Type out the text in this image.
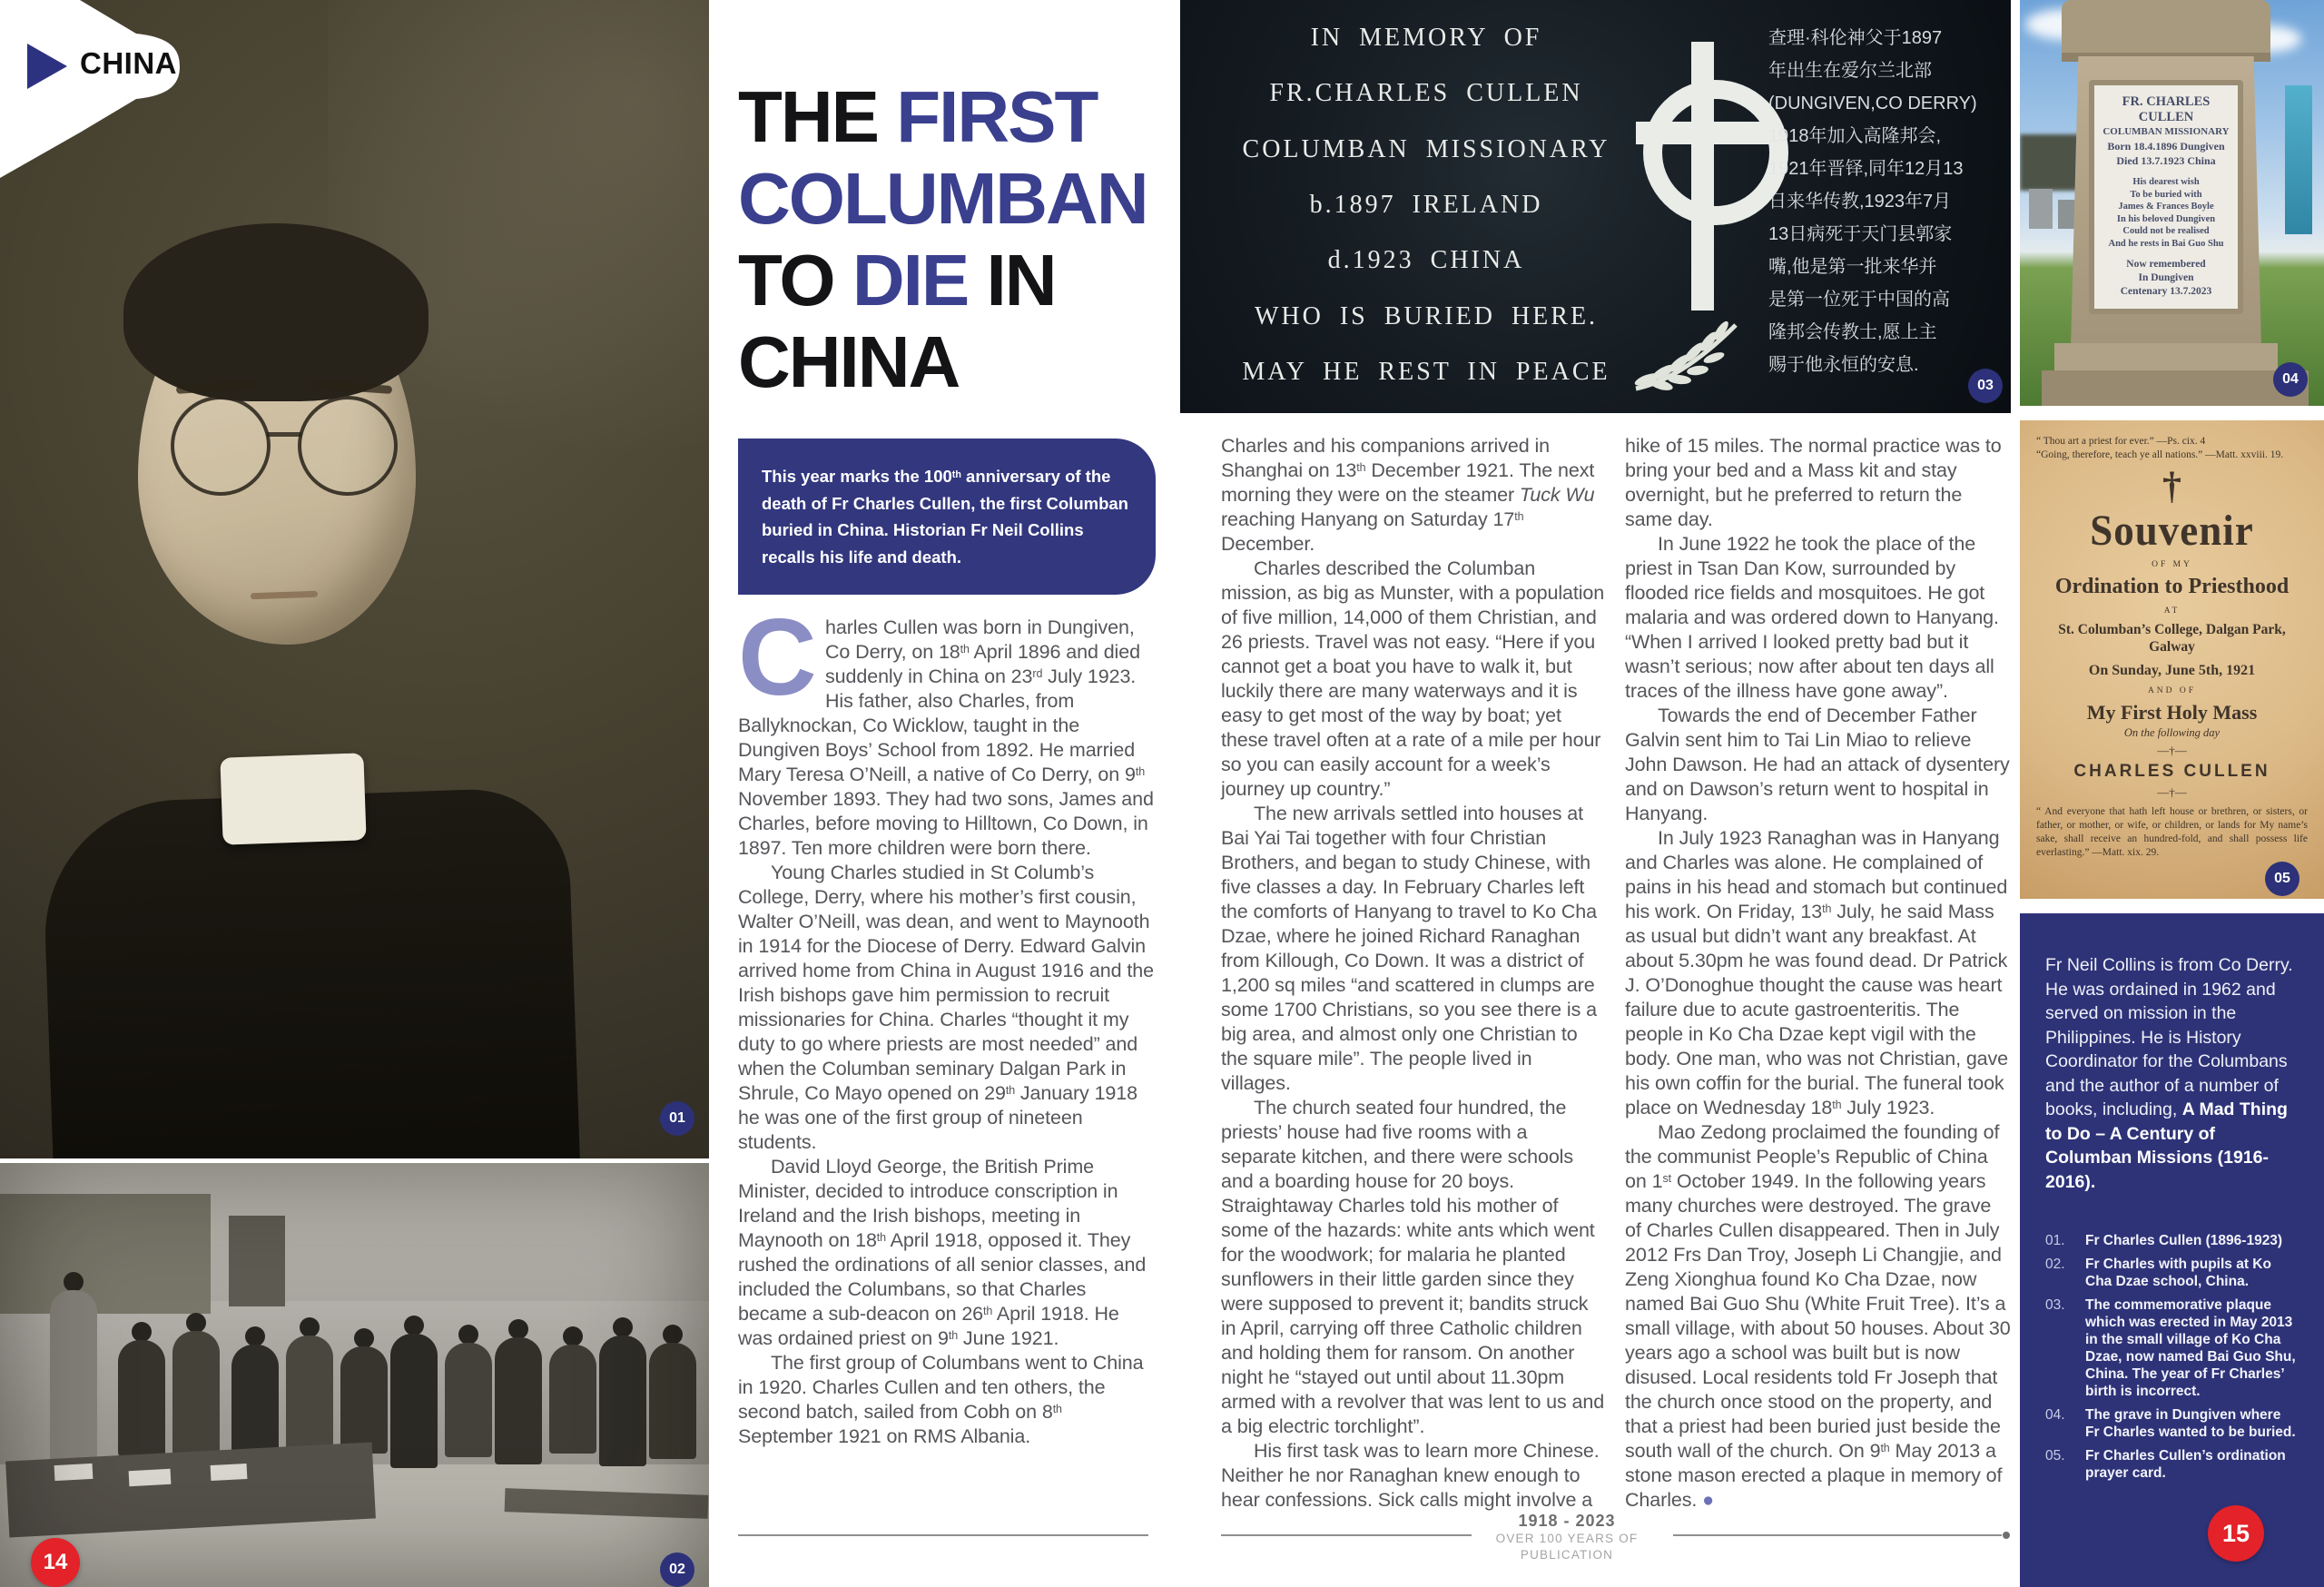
01
02
CHINA
THE FIRST
COLUMBAN
TO DIE IN
CHINA
This year marks the 100th anniversary of the death of Fr Charles Cullen, the first Columban buried in China. Historian Fr Neil Collins recalls his life and death.

Charles Cullen was born in Dungiven, Co Derry, on 18th April 1896 and died suddenly in China on 23rd July 1923. His father, also Charles, from Ballyknockan, Co Wicklow, taught in the Dungiven Boys’ School from 1892. He married Mary Teresa O’Neill, a native of Co Derry, on 9th November 1893. They had two sons, James and Charles, before moving to Hilltown, Co Down, in 1897. Ten more children were born there.

Young Charles studied in St Columb’s College, Derry, where his mother’s first cousin, Walter O’Neill, was dean, and went to Maynooth in 1914 for the Diocese of Derry. Edward Galvin arrived home from China in August 1916 and the Irish bishops gave him permission to recruit missionaries for China. Charles “thought it my duty to go where priests are most needed” and when the Columban seminary Dalgan Park in Shrule, Co Mayo opened on 29th January 1918 he was one of the first group of nineteen students.

David Lloyd George, the British Prime Minister, decided to introduce conscription in Ireland and the Irish bishops, meeting in Maynooth on 18th April 1918, opposed it. They rushed the ordinations of all senior classes, and included the Columbans, so that Charles became a sub-deacon on 26th April 1918. He was ordained priest on 9th June 1921.

The first group of Columbans went to China in 1920. Charles Cullen and ten others, the second batch, sailed from Cobh on 8th September 1921 on RMS Albania.

Charles and his companions arrived in Shanghai on 13th December 1921. The next morning they were on the steamer Tuck Wu reaching Hanyang on Saturday 17th December.

Charles described the Columban mission, as big as Munster, with a population of five million, 14,000 of them Christian, and 26 priests. Travel was not easy. “Here if you cannot get a boat you have to walk it, but luckily there are many waterways and it is easy to get most of the way by boat; yet these travel often at a rate of a mile per hour so you can easily account for a week’s journey up country.”

The new arrivals settled into houses at Bai Yai Tai together with four Christian Brothers, and began to study Chinese, with five classes a day. In February Charles left the comforts of Hanyang to travel to Ko Cha Dzae, where he joined Richard Ranaghan from Killough, Co Down. It was a district of 1,200 sq miles “and scattered in clumps are some 1700 Christians, so you see there is a big area, and almost only one Christian to the square mile”. The people lived in villages.

The church seated four hundred, the priests’ house had five rooms with a separate kitchen, and there were schools and a boarding house for 20 boys. Straightaway Charles told his mother of some of the hazards: white ants which went for the woodwork; for malaria he planted sunflowers in their little garden since they were supposed to prevent it; bandits struck in April, carrying off three Catholic children and holding them for ransom. On another night he “stayed out until about 11.30pm armed with a revolver that was lent to us and a big electric torchlight”.

His first task was to learn more Chinese. Neither he nor Ranaghan knew enough to hear confessions. Sick calls might involve a

hike of 15 miles. The normal practice was to bring your bed and a Mass kit and stay overnight, but he preferred to return the same day.

In June 1922 he took the place of the priest in Tsan Dan Kow, surrounded by flooded rice fields and mosquitoes. He got malaria and was ordered down to Hanyang. “When I arrived I looked pretty bad but it wasn’t serious; now after about ten days all traces of the illness have gone away”.

Towards the end of December Father Galvin sent him to Tai Lin Miao to relieve John Dawson. He had an attack of dysentery and on Dawson’s return went to hospital in Hanyang.

In July 1923 Ranaghan was in Hanyang and Charles was alone. He complained of pains in his head and stomach but continued his work. On Friday, 13th July, he said Mass as usual but didn’t want any breakfast. At about 5.30pm he was found dead. Dr Patrick J. O’Donoghue thought the cause was heart failure due to acute gastroenteritis. The people in Ko Cha Dzae kept vigil with the body. One man, who was not Christian, gave his own coffin for the burial. The funeral took place on Wednesday 18th July 1923.

Mao Zedong proclaimed the founding of the communist People’s Republic of China on 1st October 1949. In the following years many churches were destroyed. The grave of Charles Cullen disappeared. Then in July 2012 Frs Dan Troy, Joseph Li Changjie, and Zeng Xionghua found Ko Cha Dzae, now named Bai Guo Shu (White Fruit Tree). It’s a small village, with about 50 houses. About 30 years ago a school was built but is now disused. Local residents told Fr Joseph that the church once stood on the property, and that a priest had been buried just beside the south wall of the church. On 9th May 2013 a stone mason erected a plaque in memory of Charles. ●

IN MEMORY OF
FR.CHARLES CULLEN
COLUMBAN MISSIONARY
b.1897 IRELAND
d.1923 CHINA
WHO IS BURIED HERE.
MAY HE REST IN PEACE
查理·科伦神父于1897
年出生在爱尔兰北部
(DUNGIVEN,CO DERRY)
1918年加入高隆邦会,
1921年晋铎,同年12月13
日来华传教,1923年7月
13日病死于天门县郭家
嘴,他是第一批来华并
是第一位死于中国的高
隆邦会传教士,愿上主
赐于他永恒的安息.
03
FR. CHARLES CULLEN
COLUMBAN MISSIONARY
Born 18.4.1896 Dungiven
Died 13.7.1923 China
His dearest wish
To be buried with
James & Frances Boyle
In his beloved Dungiven
Could not be realised
And he rests in Bai Guo Shu
Now remembered
In Dungiven
Centenary 13.7.2023
04
“ Thou art a priest for ever.” —Ps. cix. 4
“Going, therefore, teach ye all nations.” —Matt. xxviii. 19.
†
Souvenir
OF MY
Ordination to Priesthood
AT
St. Columban’s College, Dalgan Park,
Galway
On Sunday, June 5th, 1921
AND OF
My First Holy Mass
On the following day
—†—
CHARLES CULLEN
—†—
“ And everyone that hath left house or brethren, or sisters, or father, or mother, or wife, or children, or lands for My name’s sake, shall receive an hundred-fold, and shall possess life everlasting.” —Matt. xix. 29.
05
Fr Neil Collins is from Co Derry. He was ordained in 1962 and served on mission in the Philippines. He is History Coordinator for the Columbans and the author of a number of books, including, A Mad Thing to Do – A Century of Columban Missions (1916-2016).
01. Fr Charles Cullen (1896-1923)
02. Fr Charles with pupils at Ko Cha Dzae school, China.
03. The commemorative plaque which was erected in May 2013 in the small village of Ko Cha Dzae, now named Bai Guo Shu, China. The year of Fr Charles’ birth is incorrect.
04. The grave in Dungiven where Fr Charles wanted to be buried.
05. Fr Charles Cullen’s ordination prayer card.
1918 - 2023
OVER 100 YEARS OF PUBLICATION
14
15
